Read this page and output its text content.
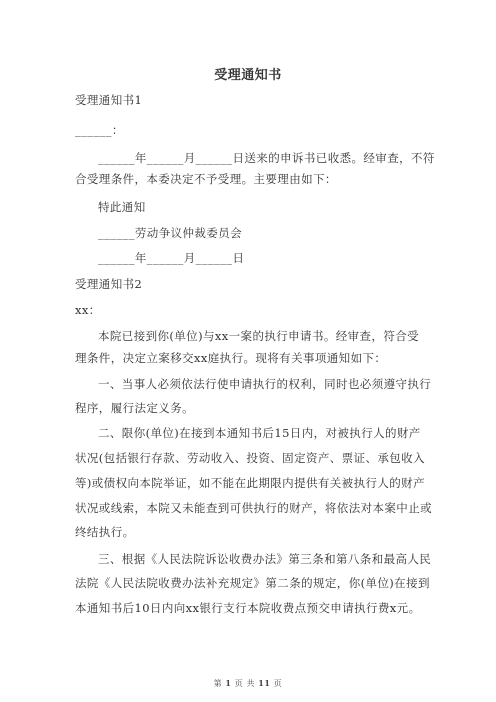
受理通知书
受理通知书1
______：
______年______月______日送来的申诉书已收悉。经审查，不符
合受理条件，本委决定不予受理。主要理由如下：
特此通知
______劳动争议仲裁委员会
______年______月______日
受理通知书2
xx：
本院已接到你(单位)与xx一案的执行申请书。经审查，符合受
理条件，决定立案移交xx庭执行。现将有关事项通知如下：
一、当事人必须依法行使申请执行的权利，同时也必须遵守执行
程序，履行法定义务。
二、限你(单位)在接到本通知书后15日内，对被执行人的财产
状况(包括银行存款、劳动收入、投资、固定资产、票证、承包收入
等)或债权向本院举证，如不能在此期限内提供有关被执行人的财产
状况或线索，本院又未能查到可供执行的财产，将依法对本案中止或
终结执行。
三、根据《人民法院诉讼收费办法》第三条和第八条和最高人民
法院《人民法院收费办法补充规定》第二条的规定，你(单位)在接到
本通知书后10日内向xx银行支行本院收费点预交申请执行费x元。
第 1 页 共 11 页
